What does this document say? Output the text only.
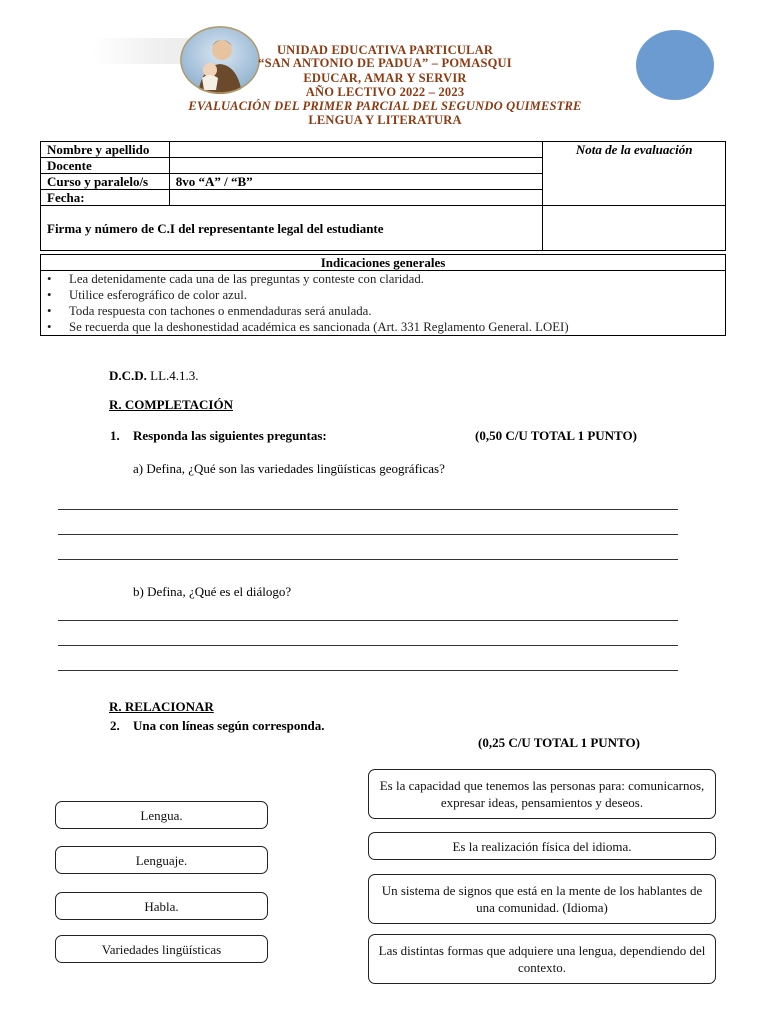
UNIDAD EDUCATIVA PARTICULAR
“SAN ANTONIO DE PADUA” – POMASQUI
EDUCAR, AMAR Y SERVIR
AÑO LECTIVO 2022 – 2023
EVALUACIÓN DEL PRIMER PARCIAL DEL SEGUNDO QUIMESTRE
LENGUA Y LITERATURA
Nombre y apellido		Nota de la evaluación
Docente		
Curso y paralelo/s	8vo “A” / “B”	
Fecha:		
Firma y número de C.I del representante legal del estudiante		
Indicaciones generales

• Lea detenidamente cada una de las preguntas y conteste con claridad.
• Utilice esferográfico de color azul.
• Toda respuesta con tachones o enmendaduras será anulada.
• Se recuerda que la deshonestidad académica es sancionada (Art. 331 Reglamento General. LOEI)
D.C.D. LL.4.1.3.
R. COMPLETACIÓN
1. Responda las siguientes preguntas:	(0,50 C/U TOTAL 1 PUNTO)
a) Defina, ¿Qué son las variedades lingüísticas geográficas?
b) Defina, ¿Qué es el diálogo?
R. RELACIONAR
2. Una con líneas según corresponda.
(0,25 C/U TOTAL 1 PUNTO)
Lengua.
Lenguaje.
Habla.
Variedades lingüísticas
Es la capacidad que tenemos las personas para: comunicarnos, expresar ideas, pensamientos y deseos.
Es la realización física del idioma.
Un sistema de signos que está en la mente de los hablantes de una comunidad. (Idioma)
Las distintas formas que adquiere una lengua, dependiendo del contexto.
